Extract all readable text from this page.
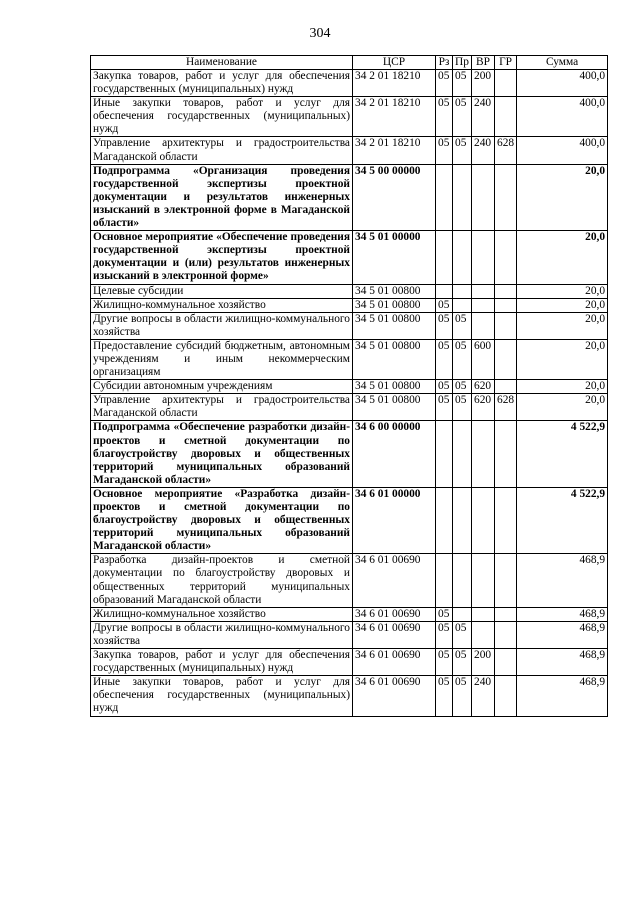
304
Наименование	ЦСР	Рз	Пр	ВР	ГР	Сумма
Закупка товаров, работ и услуг для обеспечения государственных (муниципальных) нужд	34 2 01 18210	05	05	200		400,0
Иные закупки товаров, работ и услуг для обеспечения государственных (муниципальных) нужд	34 2 01 18210	05	05	240		400,0
Управление архитектуры и градостроительства Магаданской области	34 2 01 18210	05	05	240	628	400,0
Подпрограмма «Организация проведения государственной экспертизы проектной документации и результатов инженерных изысканий в электронной форме в Магаданской области»	34 5 00 00000					20,0
Основное мероприятие «Обеспечение проведения государственной экспертизы проектной документации и (или) результатов инженерных изысканий в электронной форме»	34 5 01 00000					20,0
Целевые субсидии	34 5 01 00800					20,0
Жилищно-коммунальное хозяйство	34 5 01 00800	05				20,0
Другие вопросы в области жилищно-коммунального хозяйства	34 5 01 00800	05	05			20,0
Предоставление субсидий бюджетным, автономным учреждениям и иным некоммерческим организациям	34 5 01 00800	05	05	600		20,0
Субсидии автономным учреждениям	34 5 01 00800	05	05	620		20,0
Управление архитектуры и градостроительства Магаданской области	34 5 01 00800	05	05	620	628	20,0
Подпрограмма «Обеспечение разработки дизайн-проектов и сметной документации по благоустройству дворовых и общественных территорий муниципальных образований Магаданской области»	34 6 00 00000					4 522,9
Основное мероприятие «Разработка дизайн-проектов и сметной документации по благоустройству дворовых и общественных территорий муниципальных образований Магаданской области»	34 6 01 00000					4 522,9
Разработка дизайн-проектов и сметной документации по благоустройству дворовых и общественных территорий муниципальных образований Магаданской области	34 6 01 00690					468,9
Жилищно-коммунальное хозяйство	34 6 01 00690	05				468,9
Другие вопросы в области жилищно-коммунального хозяйства	34 6 01 00690	05	05			468,9
Закупка товаров, работ и услуг для обеспечения государственных (муниципальных) нужд	34 6 01 00690	05	05	200		468,9
Иные закупки товаров, работ и услуг для обеспечения государственных (муниципальных) нужд	34 6 01 00690	05	05	240		468,9
